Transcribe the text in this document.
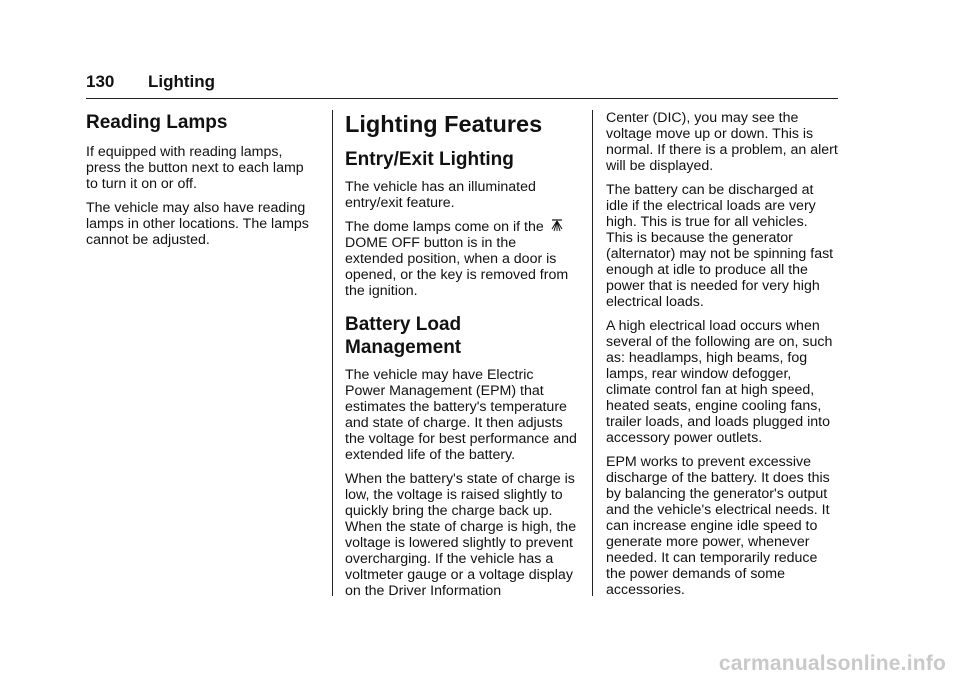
130 Lighting
Reading Lamps

If equipped with reading lamps, press the button next to each lamp to turn it on or off.

The vehicle may also have reading lamps in other locations. The lamps cannot be adjusted.

Lighting Features
Entry/Exit Lighting

The vehicle has an illuminated entry/exit feature.

The dome lamps come on if the
DOME OFF button is in the extended position, when a door is opened, or the key is removed from the ignition.

Battery Load Management

The vehicle may have Electric Power Management (EPM) that estimates the battery's temperature and state of charge. It then adjusts the voltage for best performance and extended life of the battery.

When the battery's state of charge is low, the voltage is raised slightly to quickly bring the charge back up. When the state of charge is high, the voltage is lowered slightly to prevent overcharging. If the vehicle has a voltmeter gauge or a voltage display on the Driver Information

Center (DIC), you may see the voltage move up or down. This is normal. If there is a problem, an alert will be displayed.

The battery can be discharged at idle if the electrical loads are very high. This is true for all vehicles. This is because the generator (alternator) may not be spinning fast enough at idle to produce all the power that is needed for very high electrical loads.

A high electrical load occurs when several of the following are on, such as: headlamps, high beams, fog lamps, rear window defogger, climate control fan at high speed, heated seats, engine cooling fans, trailer loads, and loads plugged into accessory power outlets.

EPM works to prevent excessive discharge of the battery. It does this by balancing the generator's output and the vehicle's electrical needs. It can increase engine idle speed to generate more power, whenever needed. It can temporarily reduce the power demands of some accessories.

carmanualsonline.info
